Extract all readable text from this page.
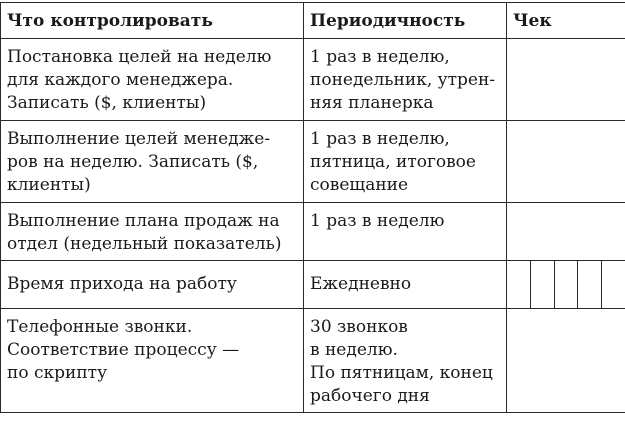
Что контролировать	Периодичность	Чек

Постановка целей на неделю
для каждого менеджера.
Записать ($, клиенты)	1 раз в неделю,
понедельник, утрен-
няя планерка	

Выполнение целей менедже-
ров на неделю. Записать ($,
клиенты)	1 раз в неделю,
пятница, итоговое
совещание	

Выполнение плана продаж на
отдел (недельный показатель)	1 раз в неделю	

Время прихода на работу	Ежедневно	

Телефонные звонки.
Соответствие процессу —
по скрипту	30 звонков
в неделю.
По пятницам, конец
рабочего дня	
